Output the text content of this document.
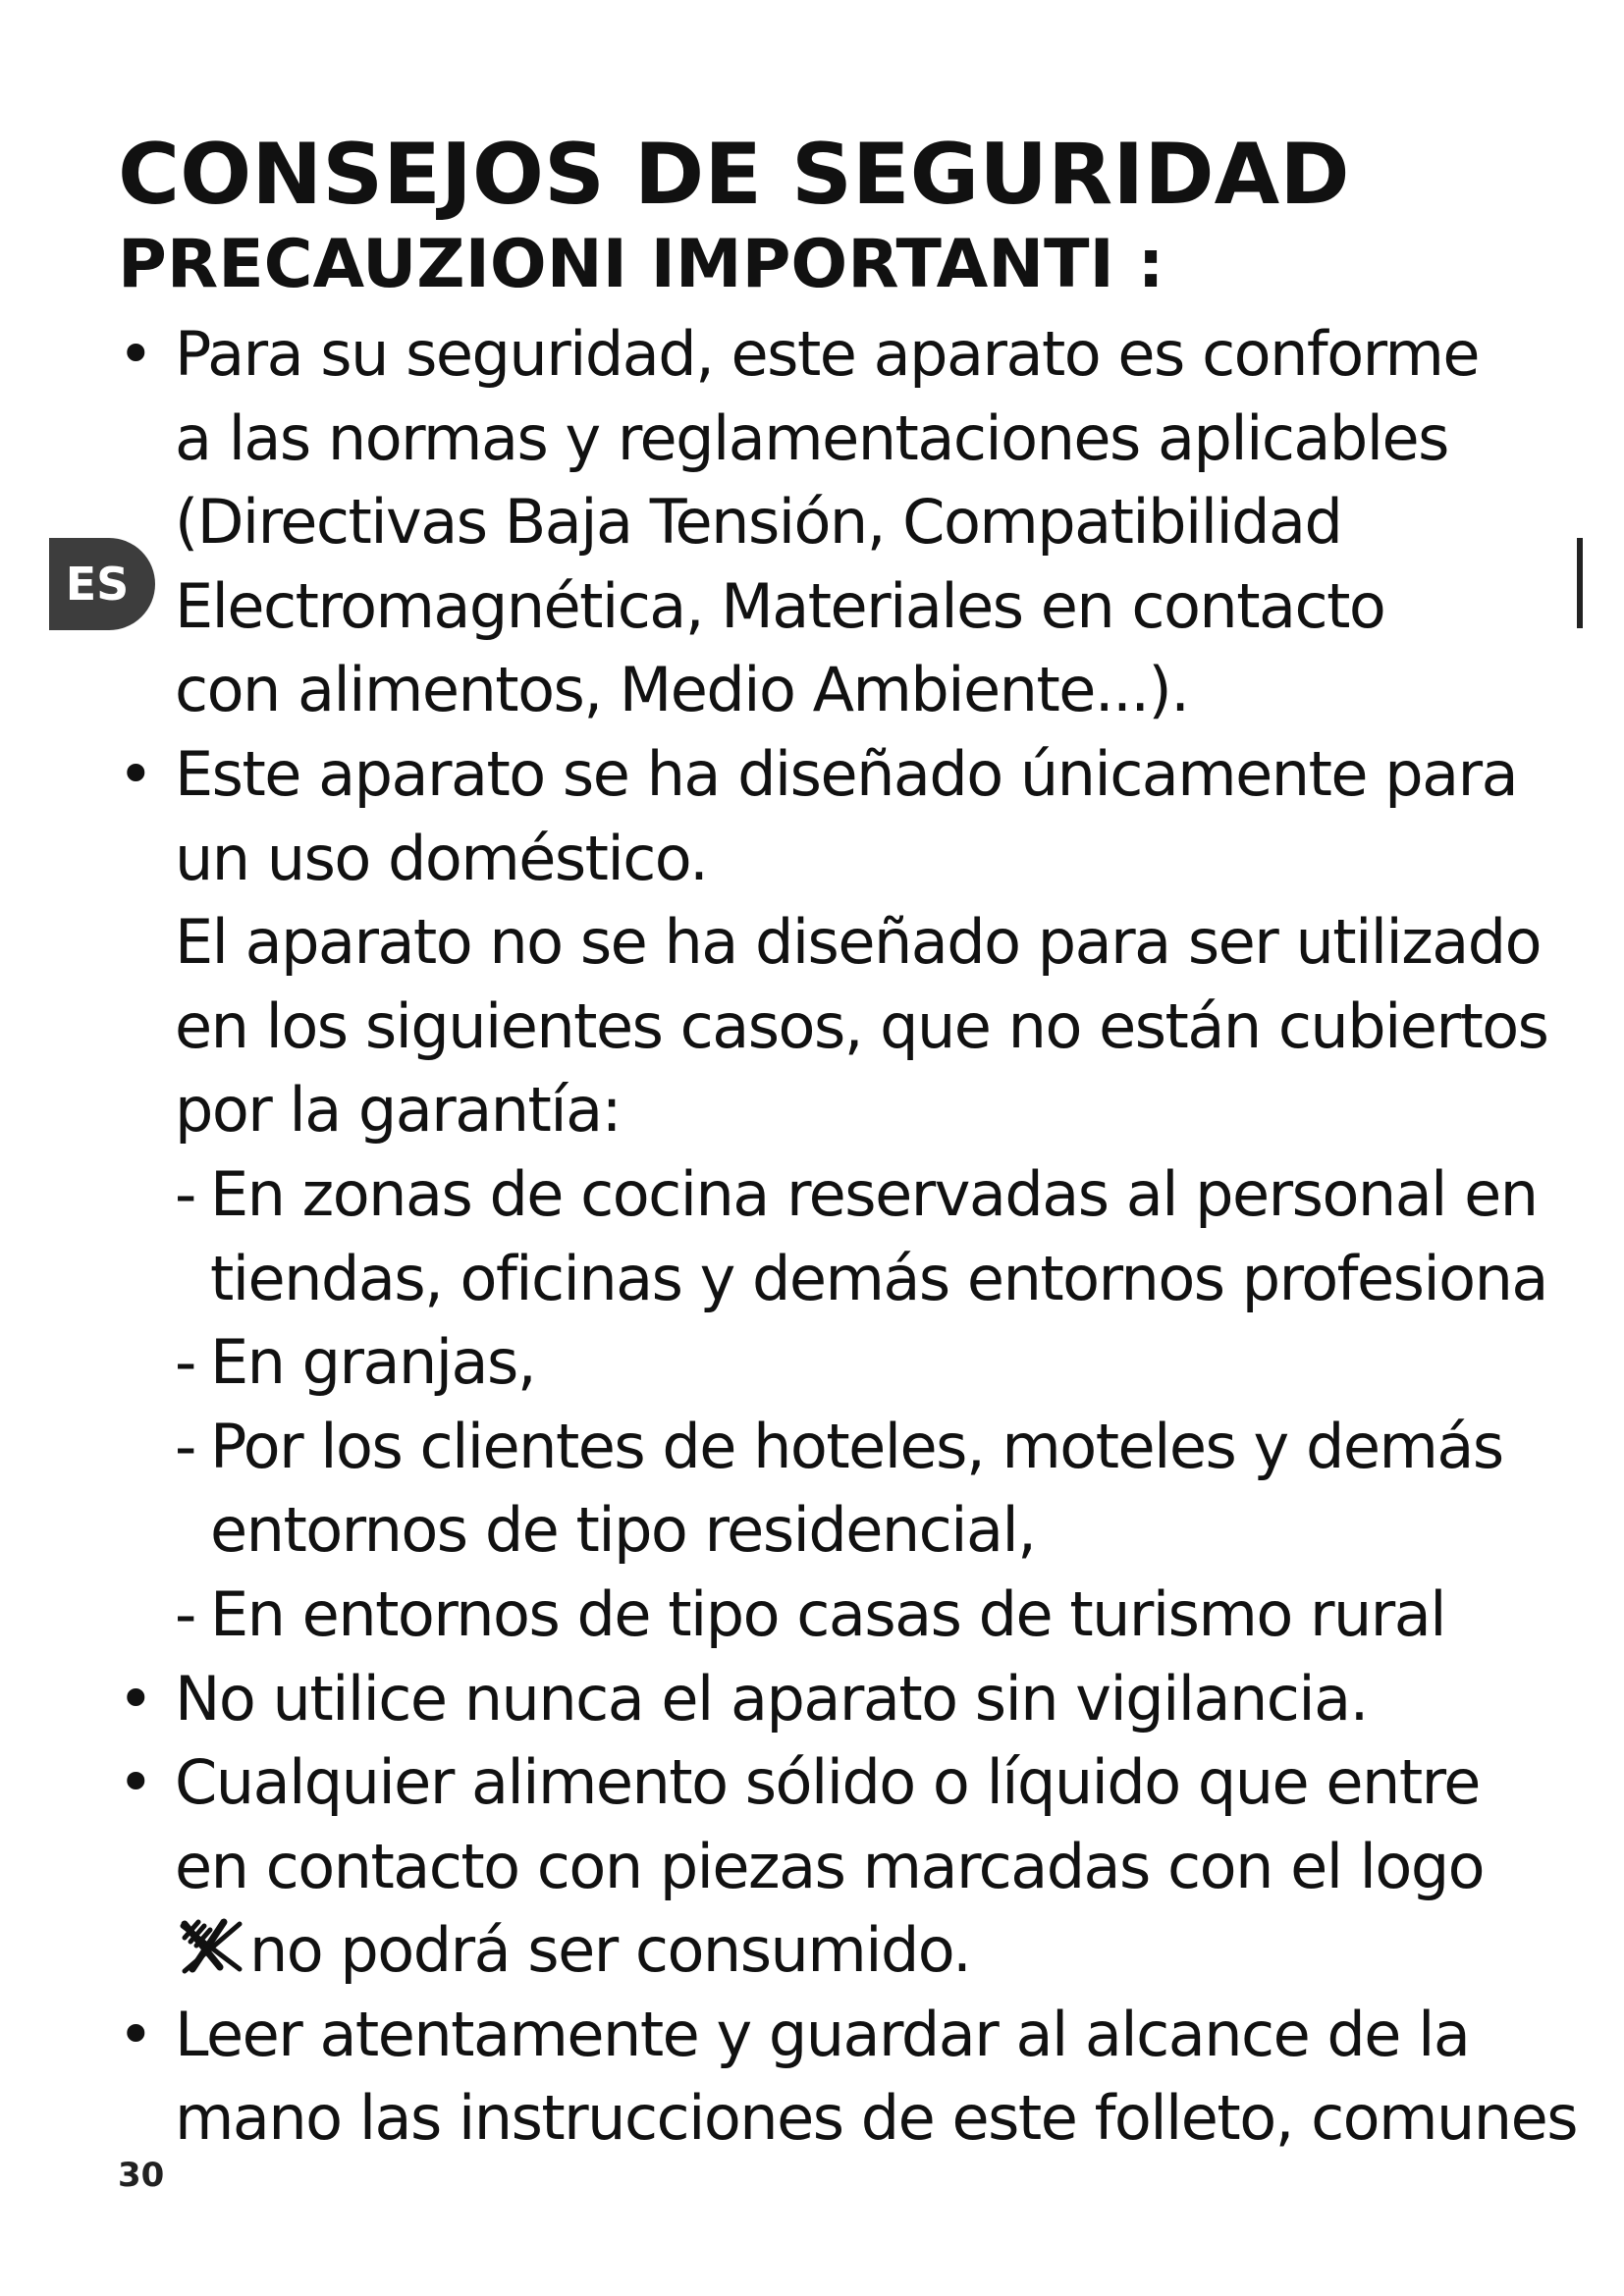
CONSEJOS DE SEGURIDAD
PRECAUZIONI IMPORTANTI :
ES
• Para su seguridad, este aparato es conforme
a las normas y reglamentaciones aplicables
(Directivas Baja Tensión, Compatibilidad
Electromagnética, Materiales en contacto
con alimentos, Medio Ambiente...).
• Este aparato se ha diseñado únicamente para
un uso doméstico.
El aparato no se ha diseñado para ser utilizado
en los siguientes casos, que no están cubiertos
por la garantía:
- En zonas de cocina reservadas al personal en
tiendas, oficinas y demás entornos profesiona
- En granjas,
- Por los clientes de hoteles, moteles y demás
entornos de tipo residencial,
- En entornos de tipo casas de turismo rural
• No utilice nunca el aparato sin vigilancia.
• Cualquier alimento sólido o líquido que entre
en contacto con piezas marcadas con el logo
no podrá ser consumido.
• Leer atentamente y guardar al alcance de la
mano las instrucciones de este folleto, comunes
30
